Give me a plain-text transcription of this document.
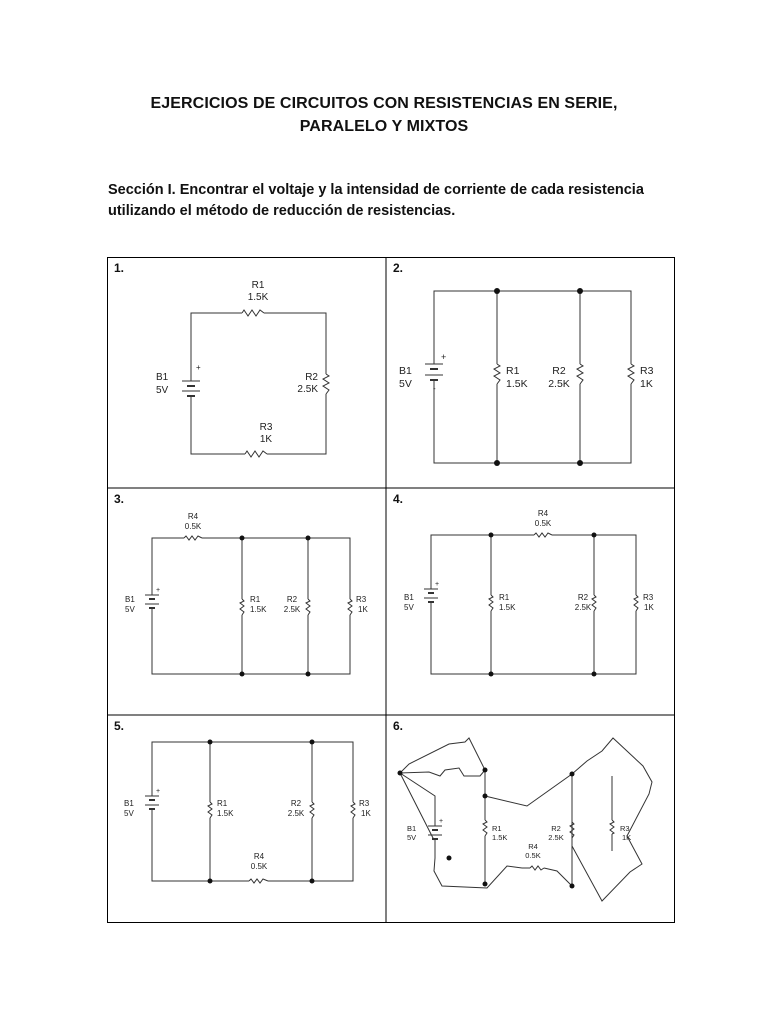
EJERCICIOS DE CIRCUITOS CON RESISTENCIAS EN SERIE,
PARALELO Y MIXTOS
Sección I. Encontrar el voltaje y la intensidad de corriente de cada resistencia
utilizando el método de reducción de resistencias.
1.
+
R1
1.5K
R2
2.5K
R3
1K
B1
5V
2.
+
-
B1
5V
R1
1.5K
R2
2.5K
R3
1K
3.
+
R4
0.5K
B1
5V
R1
1.5K
R2
2.5K
R3
1K
4.
+
R4
0.5K
B1
5V
R1
1.5K
R2
2.5K
R3
1K
5.
+
B1
5V
R1
1.5K
R2
2.5K
R3
1K
R4
0.5K
6.
+
B1
5V
R1
1.5K
R2
2.5K
R3
1K
R4
0.5K
